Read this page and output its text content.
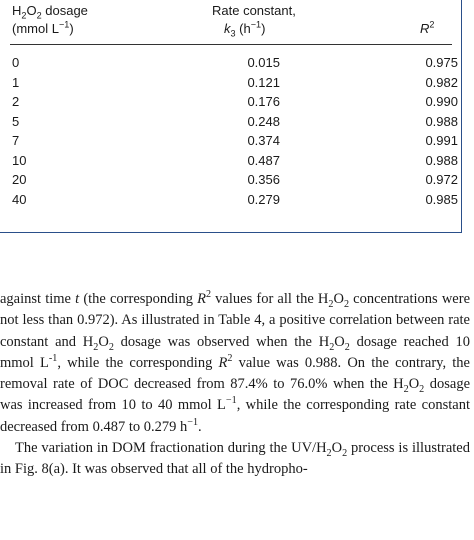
$H_2O_2$ dosage
(mmol $L^{-1}$)
Rate constant,
$k_3$ $(h^{-1})$	$R^2$
0	0.015	0.975
1	0.121	0.982
2	0.176	0.990
5	0.248	0.988
7	0.374	0.991
10	0.487	0.988
20	0.356	0.972
40	0.279	0.985

against time t (the corresponding $R^2$ values for all the $H_2O_2$ concentrations were not less than 0.972). As illustrated in Table 4, a positive correlation between rate constant and $H_2O_2$ dosage was observed when the $H_2O_2$ dosage reached 10 mmol $L^{-1}$, while the corresponding $R^2$ value was 0.988. On the contrary, the removal rate of DOC decreased from 87.4% to 76.0% when the $H_2O_2$ dosage was increased from 10 to 40 mmol $L^{-1}$, while the corresponding rate constant decreased from 0.487 to 0.279 $h^{-1}$.

The variation in DOM fractionation during the $UV/H_2O_2$ process is illustrated in Fig. 8(a). It was observed that all of the hydropho-
